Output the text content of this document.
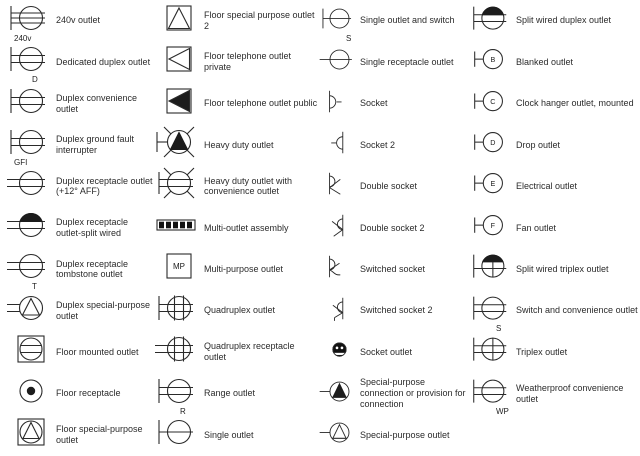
240v
240v outlet
D
Dedicated duplex outlet
Duplex convenience outlet
GFI
Duplex ground fault interrupter
Duplex receptacle outlet (+12° AFF)
Duplex receptacle outlet-split wired
T
Duplex receptacle tombstone outlet
Duplex special-purpose outlet
Floor mounted outlet
Floor receptacle
Floor special-purpose outlet
Floor special purpose outlet 2
Floor telephone outlet private
Floor telephone outlet public
Heavy duty outlet
Heavy duty outlet with convenience outlet
Multi-outlet assembly
MP Multi-purpose outlet
Quadruplex outlet
Quadruplex receptacle outlet
R
Range outlet
Single outlet
S
Single outlet and switch
Single receptacle outlet
Socket
Socket 2
Double socket
Double socket 2
Switched socket
Switched socket 2
Socket outlet
Special-purpose connection or provision for connection
Special-purpose outlet
Split wired duplex outlet
B Blanked outlet
C Clock hanger outlet, mounted
D Drop outlet
E Electrical outlet
F Fan outlet
Split wired triplex outlet
S
Switch and convenience outlet
Triplex outlet
WP
Weatherproof convenience outlet
